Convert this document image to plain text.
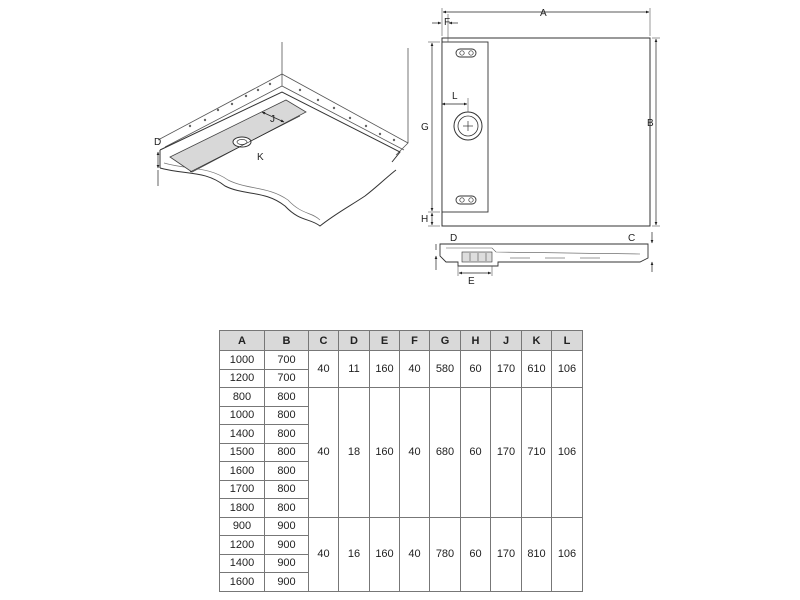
J
K
D
A
F
B
G
H
L
D	C
E
A	B	C	D	E	F	G	H	J	K	L
1000	700	40	11	160	40	580	60	170	610	106
1200	700									
800	800	40	18	160	40	680	60	170	710	106
1000	800									
1400	800									
1500	800									
1600	800									
1700	800									
1800	800									
900	900	40	16	160	40	780	60	170	810	106
1200	900									
1400	900									
1600	900									
